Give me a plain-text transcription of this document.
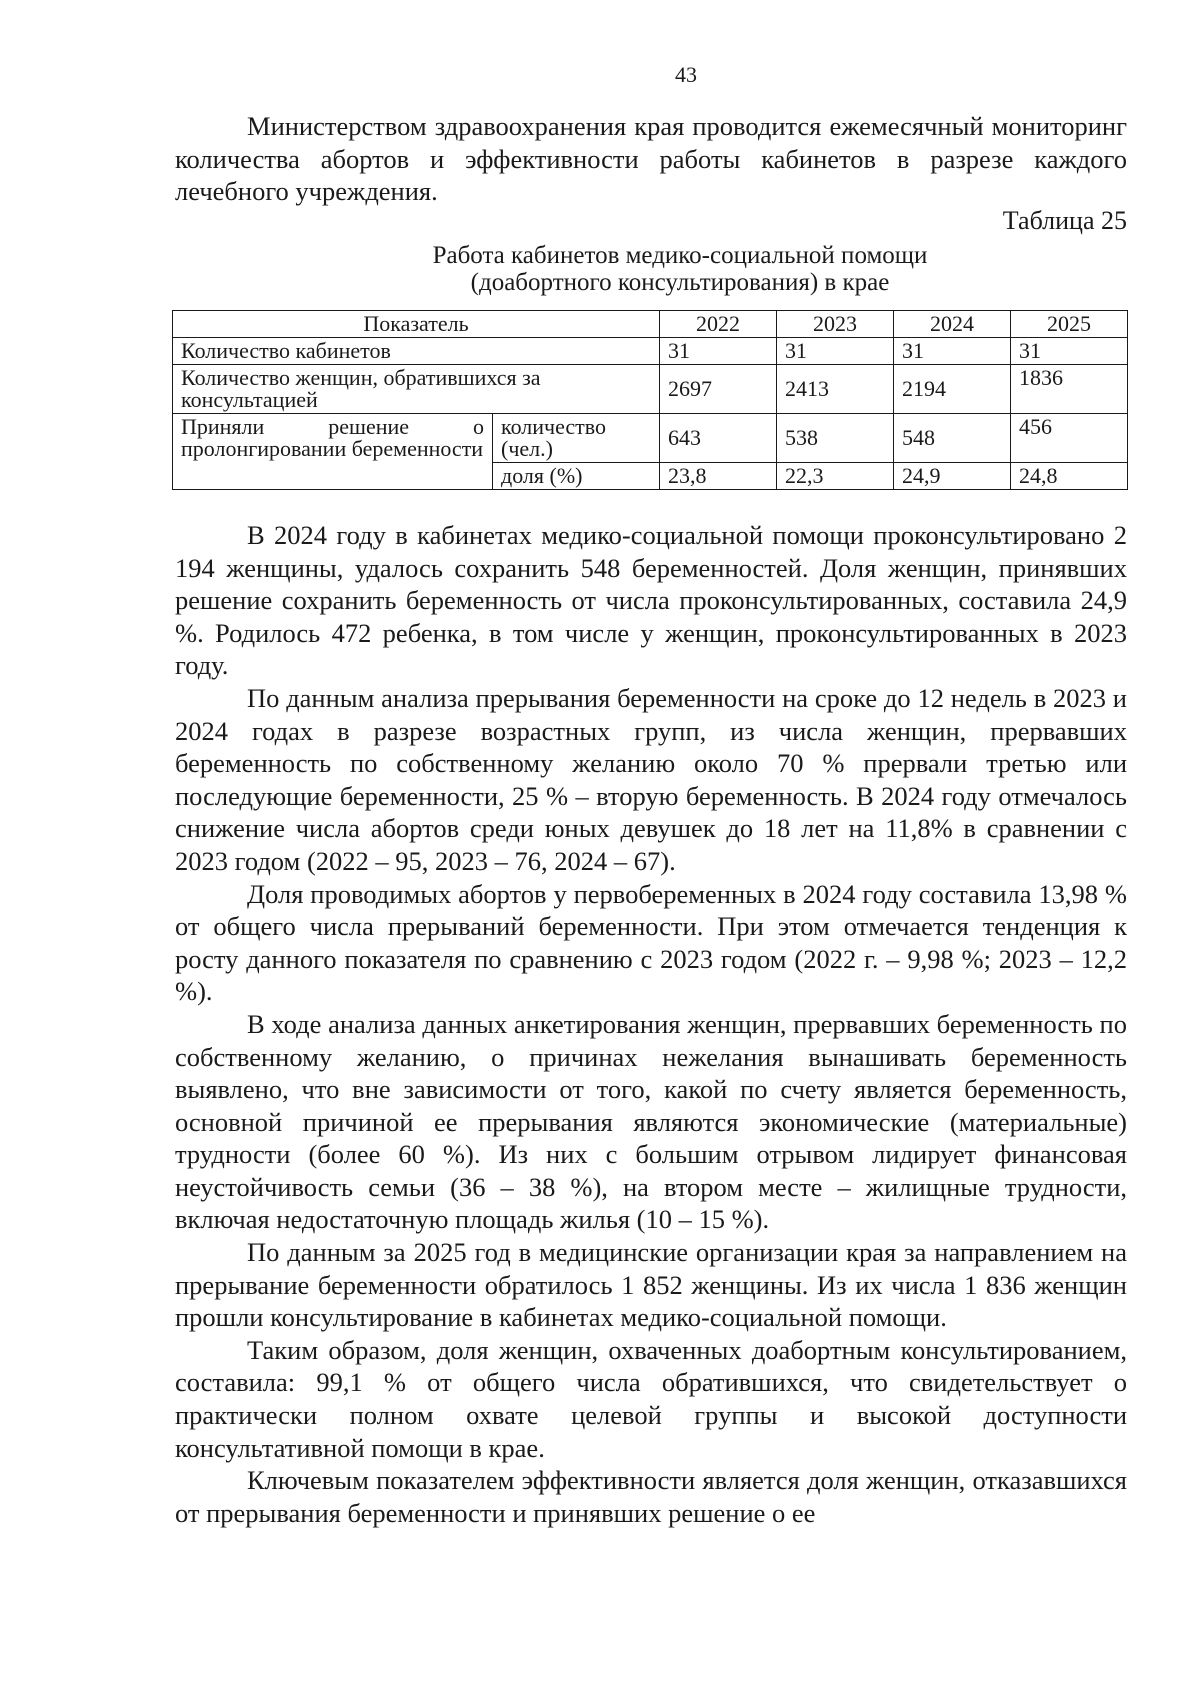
43

Министерством здравоохранения края проводится ежемесячный мониторинг количества абортов и эффективности работы кабинетов в разрезе каждого лечебного учреждения.

Таблица 25
Работа кабинетов медико-социальной помощи
(доабортного консультирования) в крае
Показатель		2022	2023	2024	2025
Количество кабинетов		31	31	31	31
Количество женщин, обратившихся за консультацией		2697	2413	2194	1836
Приняли решение о пролонгировании беременности	количество (чел.)	643	538	548	456
	доля (%)	23,8	22,3	24,9	24,8

В 2024 году в кабинетах медико-социальной помощи проконсультировано 2 194 женщины, удалось сохранить 548 беременностей. Доля женщин, принявших решение сохранить беременность от числа проконсультированных, составила 24,9 %. Родилось 472 ребенка, в том числе у женщин, проконсультированных в 2023 году.

По данным анализа прерывания беременности на сроке до 12 недель в 2023 и 2024 годах в разрезе возрастных групп, из числа женщин, прервавших беременность по собственному желанию около 70 % прервали третью или последующие беременности, 25 % – вторую беременность. В 2024 году отмечалось снижение числа абортов среди юных девушек до 18 лет на 11,8% в сравнении с 2023 годом (2022 – 95, 2023 – 76, 2024 – 67).

Доля проводимых абортов у первобеременных в 2024 году составила 13,98 % от общего числа прерываний беременности. При этом отмечается тенденция к росту данного показателя по сравнению с 2023 годом (2022 г. – 9,98 %; 2023 – 12,2 %).

В ходе анализа данных анкетирования женщин, прервавших беременность по собственному желанию, о причинах нежелания вынашивать беременность выявлено, что вне зависимости от того, какой по счету является беременность, основной причиной ее прерывания являются экономические (материальные) трудности (более 60 %). Из них с большим отрывом лидирует финансовая неустойчивость семьи (36 – 38 %), на втором месте – жилищные трудности, включая недостаточную площадь жилья (10 – 15 %).

По данным за 2025 год в медицинские организации края за направлением на прерывание беременности обратилось 1 852 женщины. Из их числа 1 836 женщин прошли консультирование в кабинетах медико-социальной помощи.

Таким образом, доля женщин, охваченных доабортным консультированием, составила: 99,1 % от общего числа обратившихся, что свидетельствует о практически полном охвате целевой группы и высокой доступности консультативной помощи в крае.

Ключевым показателем эффективности является доля женщин, отказавшихся от прерывания беременности и принявших решение о ее
